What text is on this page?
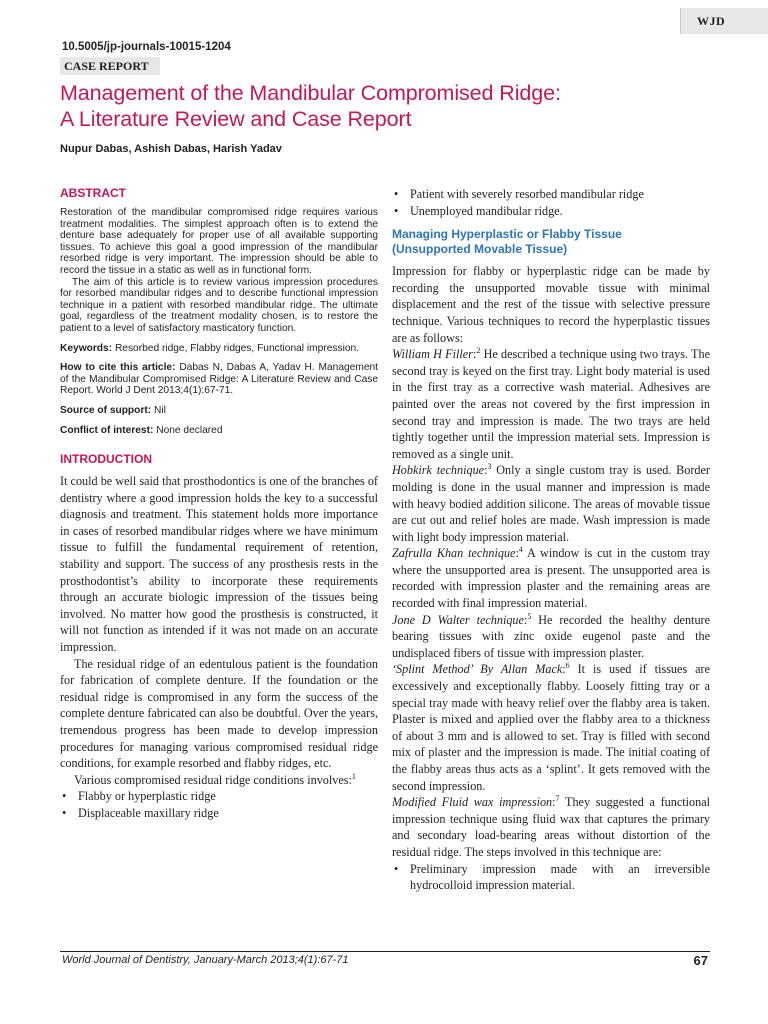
WJD
10.5005/jp-journals-10015-1204
CASE REPORT
Management of the Mandibular Compromised Ridge:
A Literature Review and Case Report
Nupur Dabas, Ashish Dabas, Harish Yadav
ABSTRACT

Restoration of the mandibular compromised ridge requires various treatment modalities. The simplest approach often is to extend the denture base adequately for proper use of all available supporting tissues. To achieve this goal a good impression of the mandibular resorbed ridge is very important. The impression should be able to record the tissue in a static as well as in functional form.

The aim of this article is to review various impression procedures for resorbed mandibular ridges and to describe functional impression technique in a patient with resorbed mandibular ridge. The ultimate goal, regardless of the treatment modality chosen, is to restore the patient to a level of satisfactory masticatory function.

Keywords: Resorbed ridge, Flabby ridges, Functional impression.

How to cite this article: Dabas N, Dabas A, Yadav H. Management of the Mandibular Compromised Ridge: A Literature Review and Case Report. World J Dent 2013;4(1):67-71.

Source of support: Nil

Conflict of interest: None declared

INTRODUCTION

It could be well said that prosthodontics is one of the branches of dentistry where a good impression holds the key to a successful diagnosis and treatment. This statement holds more importance in cases of resorbed mandibular ridges where we have minimum tissue to fulfill the fundamental requirement of retention, stability and support. The success of any prosthesis rests in the prosthodontist’s ability to incorporate these requirements through an accurate biologic impression of the tissues being involved. No matter how good the prosthesis is constructed, it will not function as intended if it was not made on an accurate impression.

The residual ridge of an edentulous patient is the foundation for fabrication of complete denture. If the foundation or the residual ridge is compromised in any form the success of the complete denture fabricated can also be doubtful. Over the years, tremendous progress has been made to develop impression procedures for managing various compromised residual ridge conditions, for example resorbed and flabby ridges, etc.

Various compromised residual ridge conditions involves:$^1$

• Flabby or hyperplastic ridge
• Displaceable maxillary ridge
• Patient with severely resorbed mandibular ridge
• Unemployed mandibular ridge.
Managing Hyperplastic or Flabby Tissue
(Unsupported Movable Tissue)

Impression for flabby or hyperplastic ridge can be made by recording the unsupported movable tissue with minimal displacement and the rest of the tissue with selective pressure technique. Various techniques to record the hyperplastic tissues are as follows:

William H Filler:$^2$ He described a technique using two trays. The second tray is keyed on the first tray. Light body material is used in the first tray as a corrective wash material. Adhesives are painted over the areas not covered by the first impression in second tray and impression is made. The two trays are held tightly together until the impression material sets. Impression is removed as a single unit.

Hobkirk technique:$^3$ Only a single custom tray is used. Border molding is done in the usual manner and impression is made with heavy bodied addition silicone. The areas of movable tissue are cut out and relief holes are made. Wash impression is made with light body impression material.

Zafrulla Khan technique:$^4$ A window is cut in the custom tray where the unsupported area is present. The unsupported area is recorded with impression plaster and the remaining areas are recorded with final impression material.

Jone D Walter technique:$^5$ He recorded the healthy denture bearing tissues with zinc oxide eugenol paste and the undisplaced fibers of tissue with impression plaster.

‘Splint Method’ By Allan Mack:$^6$ It is used if tissues are excessively and exceptionally flabby. Loosely fitting tray or a special tray made with heavy relief over the flabby area is taken. Plaster is mixed and applied over the flabby area to a thickness of about 3 mm and is allowed to set. Tray is filled with second mix of plaster and the impression is made. The initial coating of the flabby areas thus acts as a ‘splint’. It gets removed with the second impression.

Modified Fluid wax impression:$^7$ They suggested a functional impression technique using fluid wax that captures the primary and secondary load-bearing areas without distortion of the residual ridge. The steps involved in this technique are:

• Preliminary impression made with an irreversible hydrocolloid impression material.
World Journal of Dentistry, January-March 2013;4(1):67-71	67
